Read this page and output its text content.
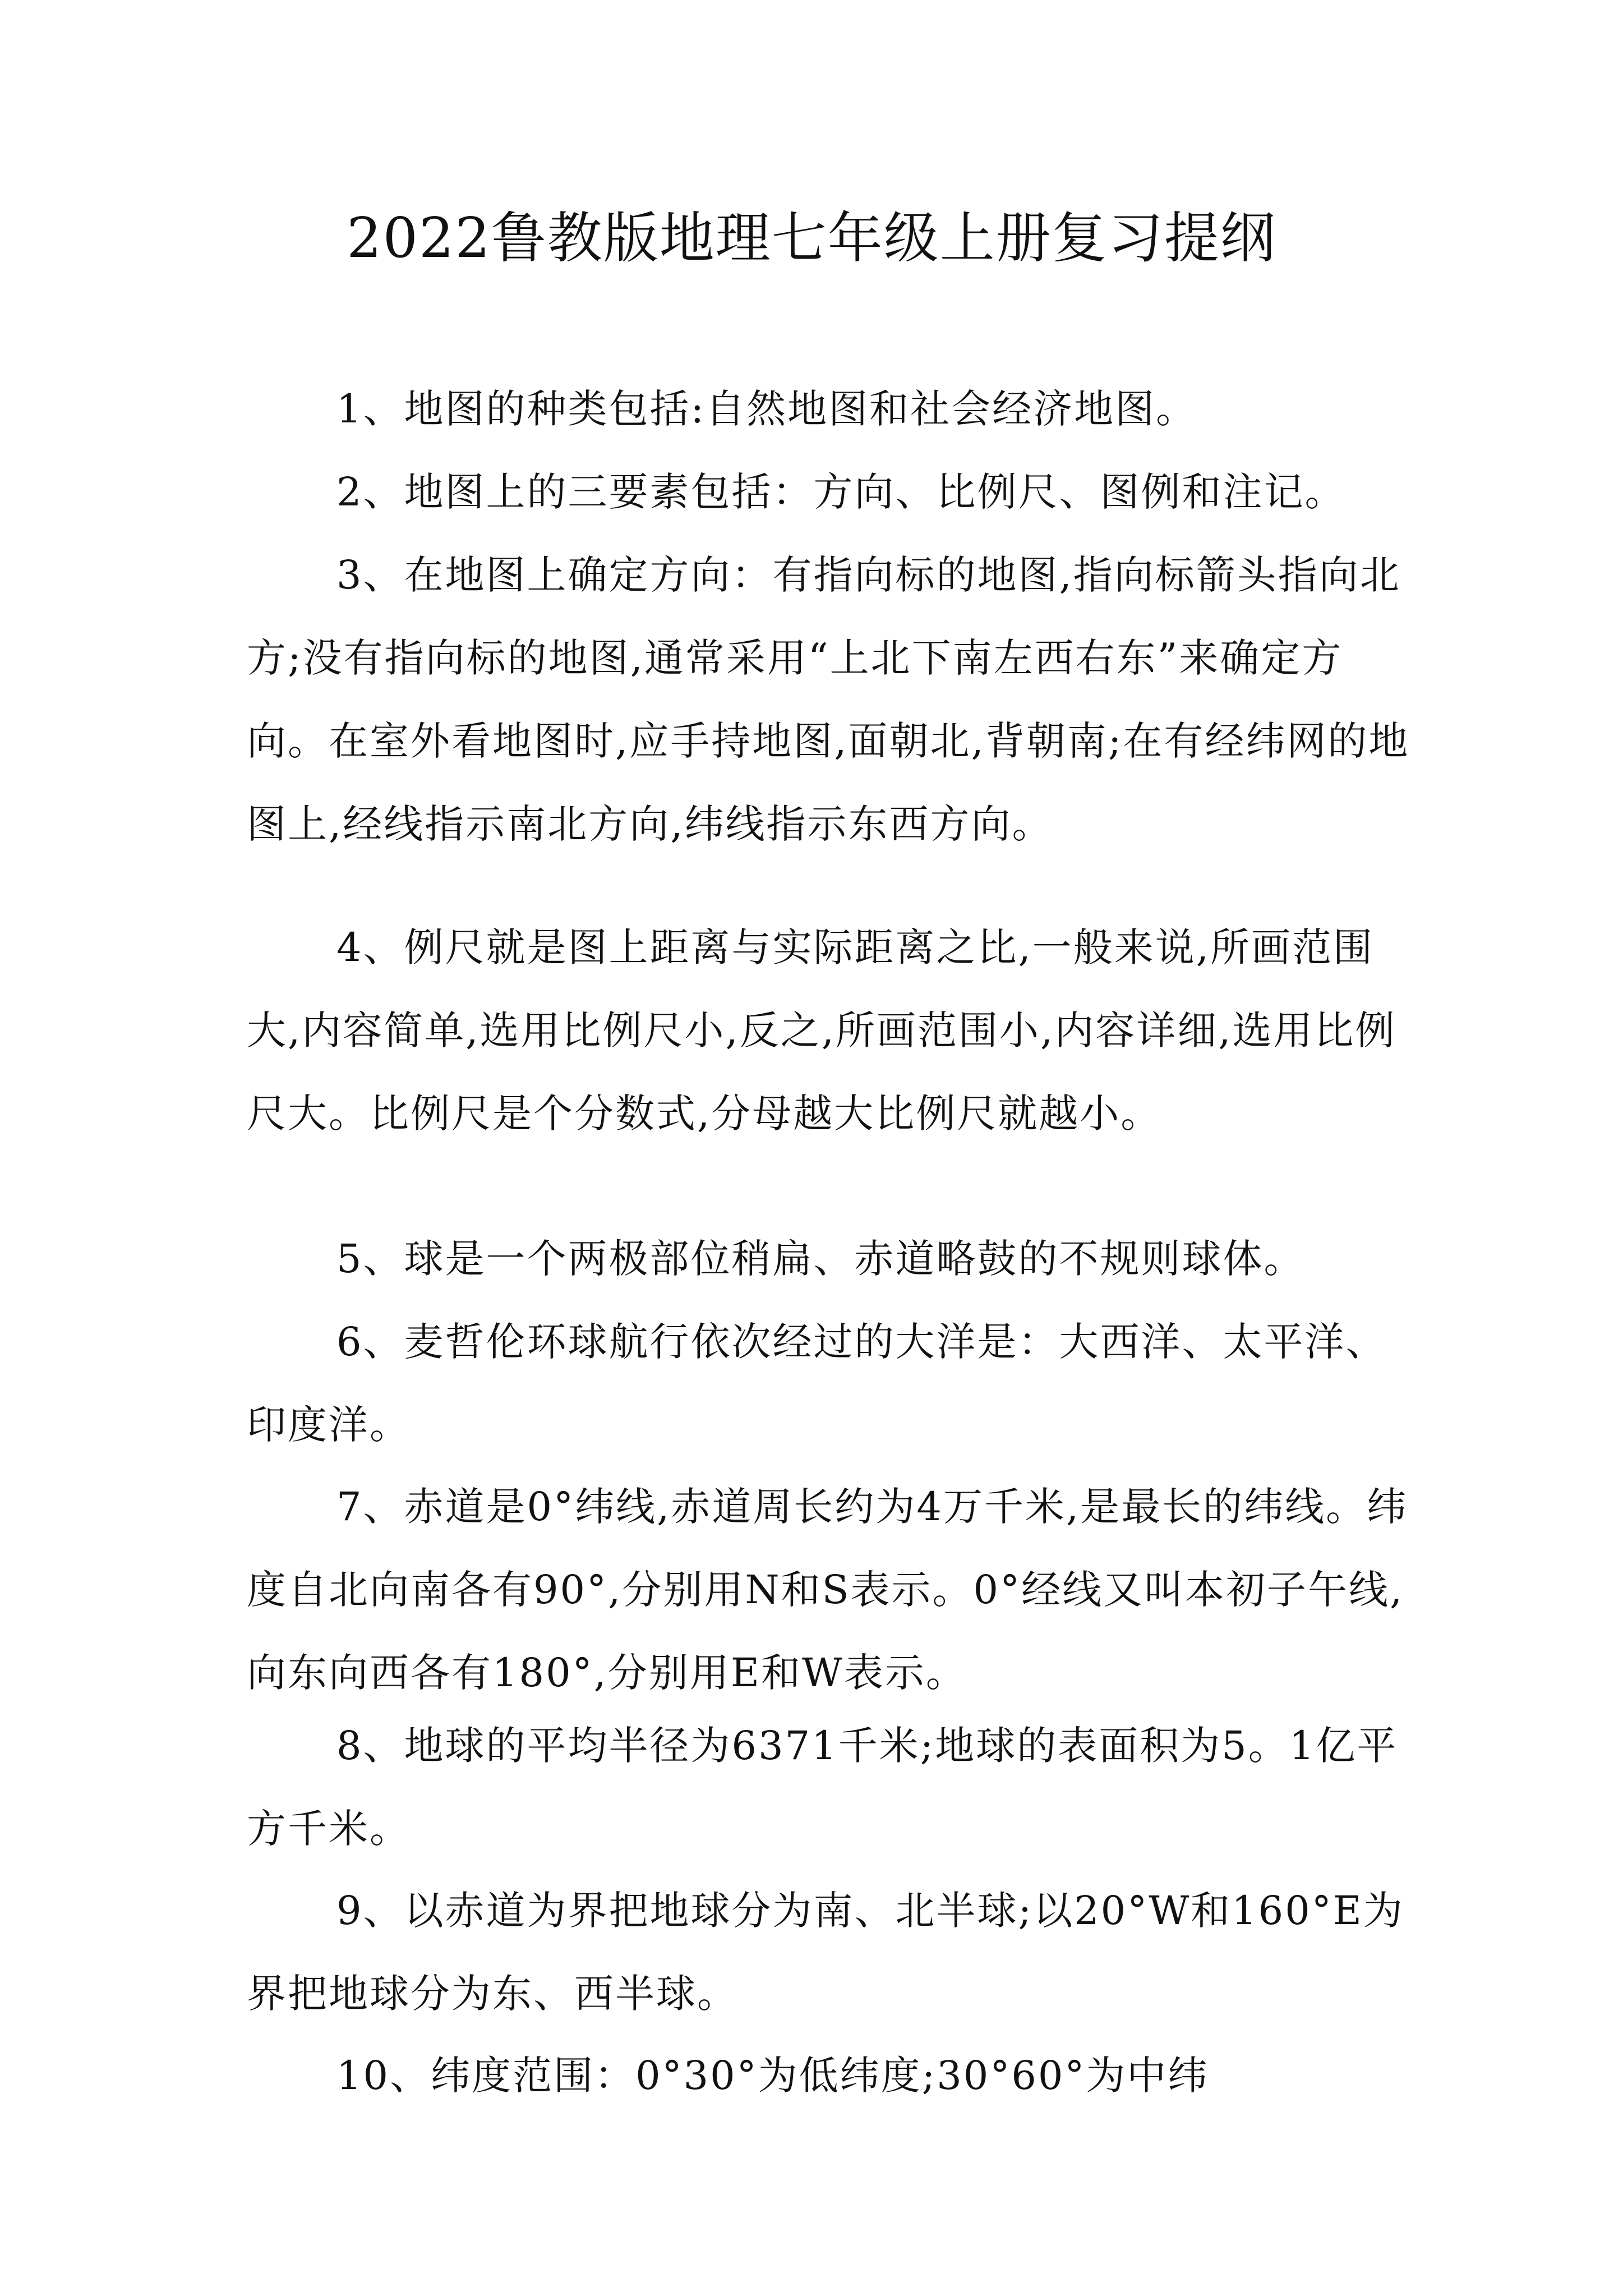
2022鲁教版地理七年级上册复习提纲

1、地图的种类包括:自然地图和社会经济地图。

2、地图上的三要素包括：方向、比例尺、图例和注记。

3、在地图上确定方向：有指向标的地图,指向标箭头指向北方;没有指向标的地图,通常采用“上北下南左西右东”来确定方向。在室外看地图时,应手持地图,面朝北,背朝南;在有经纬网的地图上,经线指示南北方向,纬线指示东西方向。

4、例尺就是图上距离与实际距离之比,一般来说,所画范围大,内容简单,选用比例尺小,反之,所画范围小,内容详细,选用比例尺大。比例尺是个分数式,分母越大比例尺就越小。

5、球是一个两极部位稍扁、赤道略鼓的不规则球体。

6、麦哲伦环球航行依次经过的大洋是：大西洋、太平洋、印度洋。

7、赤道是0°纬线,赤道周长约为4万千米,是最长的纬线。纬度自北向南各有90°,分别用N和S表示。0°经线又叫本初子午线,向东向西各有180°,分别用E和W表示。

8、地球的平均半径为6371千米;地球的表面积为5。1亿平方千米。

9、以赤道为界把地球分为南、北半球;以20°W和160°E为界把地球分为东、西半球。

10、纬度范围：0°30°为低纬度;30°60°为中纬
